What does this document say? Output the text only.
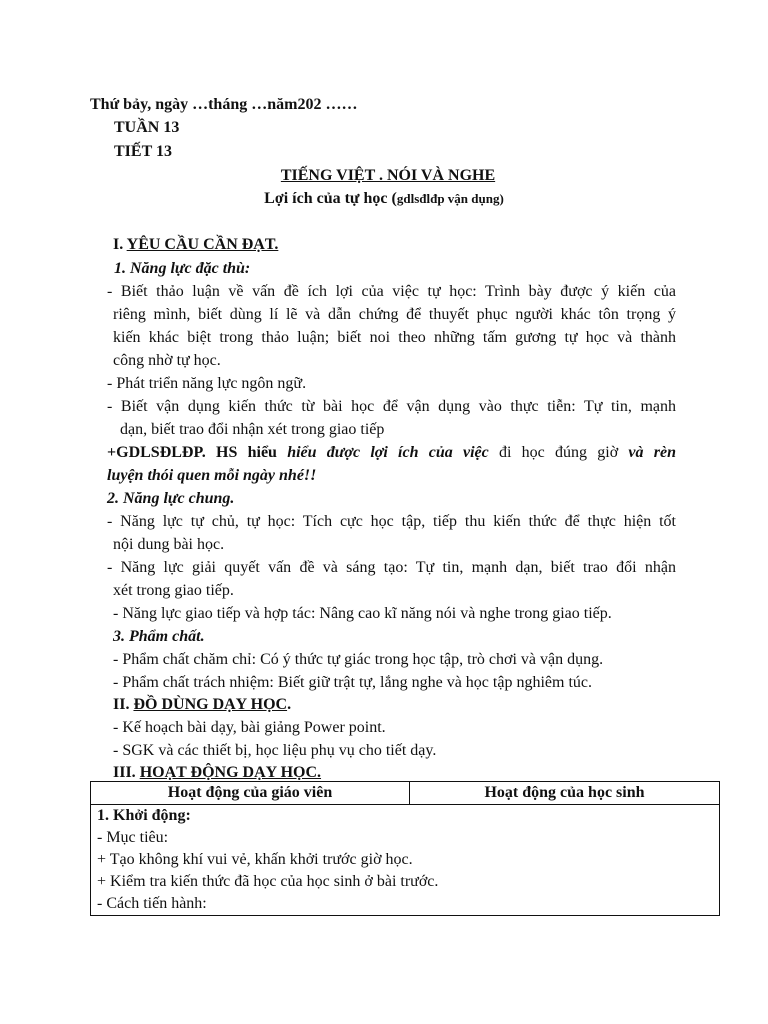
Thứ bảy, ngày …tháng …năm202 ……
TUẦN 13
TIẾT 13
TIẾNG VIỆT . NÓI VÀ NGHE
Lợi ích của tự học (gdlsđlđp vận dụng)
I. YÊU CẦU CẦN ĐẠT.
1. Năng lực đặc thù:
- Biết thảo luận về vấn đề ích lợi của việc tự học: Trình bày được ý kiến của
riêng mình, biết dùng lí lẽ và dẫn chứng để thuyết phục người khác tôn trọng ý
kiến khác biệt trong thảo luận; biết noi theo những tấm gương tự học và thành
công nhờ tự học.
- Phát triển năng lực ngôn ngữ.
- Biết vận dụng kiến thức từ bài học để vận dụng vào thực tiễn: Tự tin, mạnh
dạn, biết trao đổi nhận xét trong giao tiếp
+GDLSĐLĐP. HS hiểu hiểu được lợi ích của việc đi học đúng giờ và rèn
luyện thói quen mỗi ngày nhé!!
2. Năng lực chung.
- Năng lực tự chủ, tự học: Tích cực học tập, tiếp thu kiến thức để thực hiện tốt
nội dung bài học.
- Năng lực giải quyết vấn đề và sáng tạo: Tự tin, mạnh dạn, biết trao đổi nhận
xét trong giao tiếp.
- Năng lực giao tiếp và hợp tác: Nâng cao kĩ năng nói và nghe trong giao tiếp.
3. Phẩm chất.
- Phẩm chất chăm chỉ: Có ý thức tự giác trong học tập, trò chơi và vận dụng.
- Phẩm chất trách nhiệm: Biết giữ trật tự, lắng nghe và học tập nghiêm túc.
II. ĐỒ DÙNG DẠY HỌC.
- Kế hoạch bài dạy, bài giảng Power point.
- SGK và các thiết bị, học liệu phụ vụ cho tiết dạy.
III. HOẠT ĐỘNG DẠY HỌC.
Hoạt động của giáo viên	Hoạt động của học sinh

1. Khởi động:
- Mục tiêu:
+ Tạo không khí vui vẻ, khấn khởi trước giờ học.
+ Kiểm tra kiến thức đã học của học sinh ở bài trước.
- Cách tiến hành:
